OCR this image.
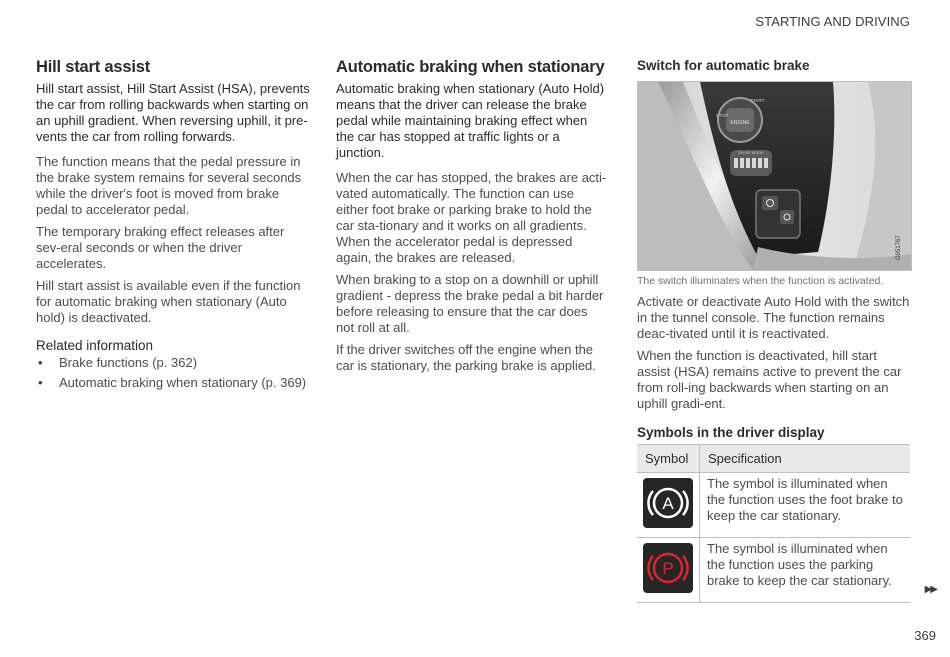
STARTING AND DRIVING
Hill start assist
Hill start assist, Hill Start Assist (HSA), prevents the car from rolling backwards when starting on an uphill gradient. When reversing uphill, it pre-vents the car from rolling forwards.

The function means that the pedal pressure in the brake system remains for several seconds while the driver's foot is moved from brake pedal to accelerator pedal.

The temporary braking effect releases after sev-eral seconds or when the driver accelerates.

Hill start assist is available even if the function for automatic braking when stationary (Auto hold) is deactivated.

Related information
• Brake functions (p. 362)
• Automatic braking when stationary (p. 369)
Automatic braking when stationary
Automatic braking when stationary (Auto Hold) means that the driver can release the brake pedal while maintaining braking effect when the car has stopped at traffic lights or a junction.

When the car has stopped, the brakes are acti-vated automatically. The function can use either foot brake or parking brake to hold the car sta-tionary and it works on all gradients. When the accelerator pedal is depressed again, the brakes are released.

When braking to a stop on a downhill or uphill gradient - depress the brake pedal a bit harder before releasing to ensure that the car does not roll at all.

If the driver switches off the engine when the car is stationary, the parking brake is applied.

Switch for automatic brake
ENGINE
STOP
START
DRIVE MODE
G051767
The switch illuminates when the function is activated.

Activate or deactivate Auto Hold with the switch in the tunnel console. The function remains deac-tivated until it is reactivated.

When the function is deactivated, hill start assist (HSA) remains active to prevent the car from roll-ing backwards when starting on an uphill gradi-ent.

Symbols in the driver display
Symbol	Specification

A	The symbol is illuminated when the function uses the foot brake to keep the car stationary.

P	The symbol is illuminated when the function uses the parking brake to keep the car stationary.
▶▶
369
